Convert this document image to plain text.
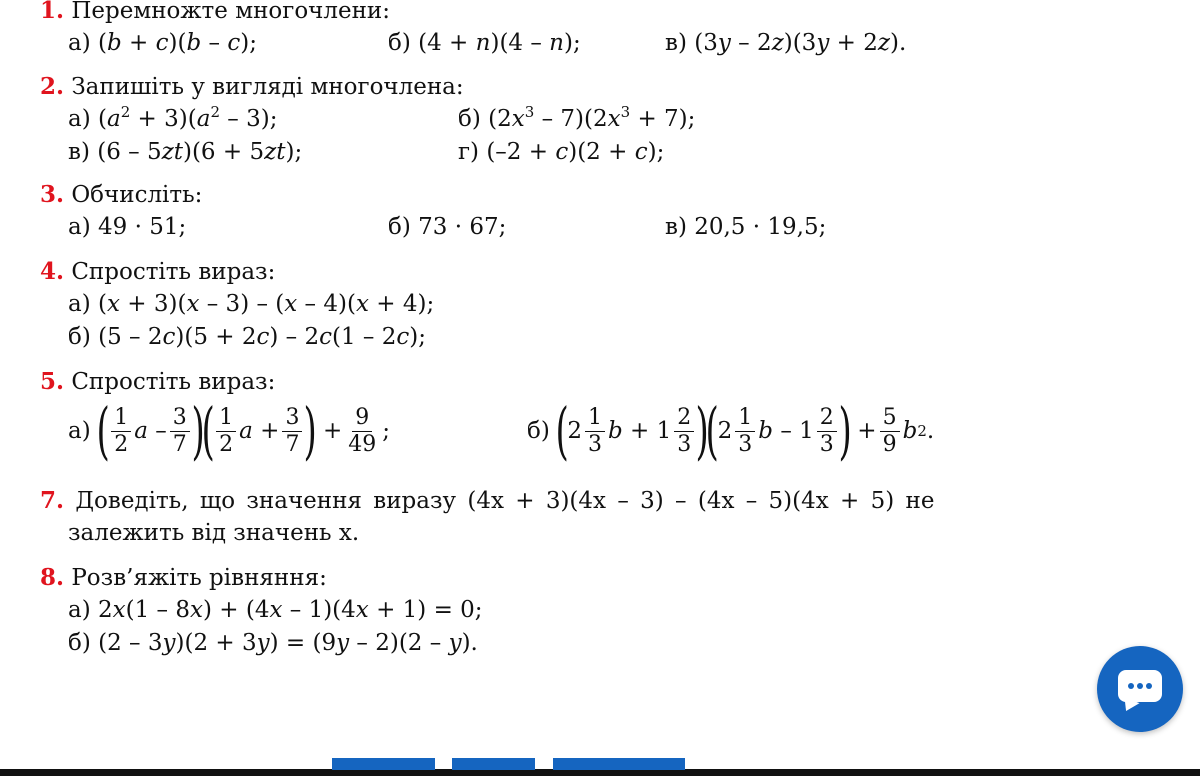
1. Перемножте многочлени:
а) (b + c)(b – c);	б) (4 + n)(4 – n);	в) (3y – 2z)(3y + 2z).
2. Запишіть у вигляді многочлена:
а) $(a^2 + 3)(a^2 - 3)$;	б) $(2x^3 - 7)(2x^3 + 7)$;
в) (6 – 5zt)(6 + 5zt);	г) (–2 + c)(2 + c);
3. Обчисліть:
а) 49 · 51;	б) 73 · 67;	в) 20,5 · 19,5;
4. Спростіть вираз:
а) (x + 3)(x – 3) – (x – 4)(x + 4);
б) (5 – 2c)(5 + 2c) – 2c(1 – 2c);
5. Спростіть вираз:
а)
( $\frac{1}{2}$ a – $\frac{3}{7}$ )
( $\frac{1}{2}$ $a + \frac{3}{7}$ )
+ $\frac{9}{49}$ ;	б)
(
$2 \frac{1}{3}$ $b + 1 \frac{2}{3}$ )
(
$2 \frac{1}{3}$ b – $1 \frac{2}{3}$ )
+ $\frac{5}{9}$ b 2 .
7. Доведіть, що значення виразу (4x + 3)(4x – 3) – (4x – 5)(4x + 5) не
залежить від значень x.
8. Розв’яжіть рівняння:
а) 2x(1 – 8x) + (4x – 1)(4x + 1) = 0;
б) (2 – 3y)(2 + 3y) = (9y – 2)(2 – y).
